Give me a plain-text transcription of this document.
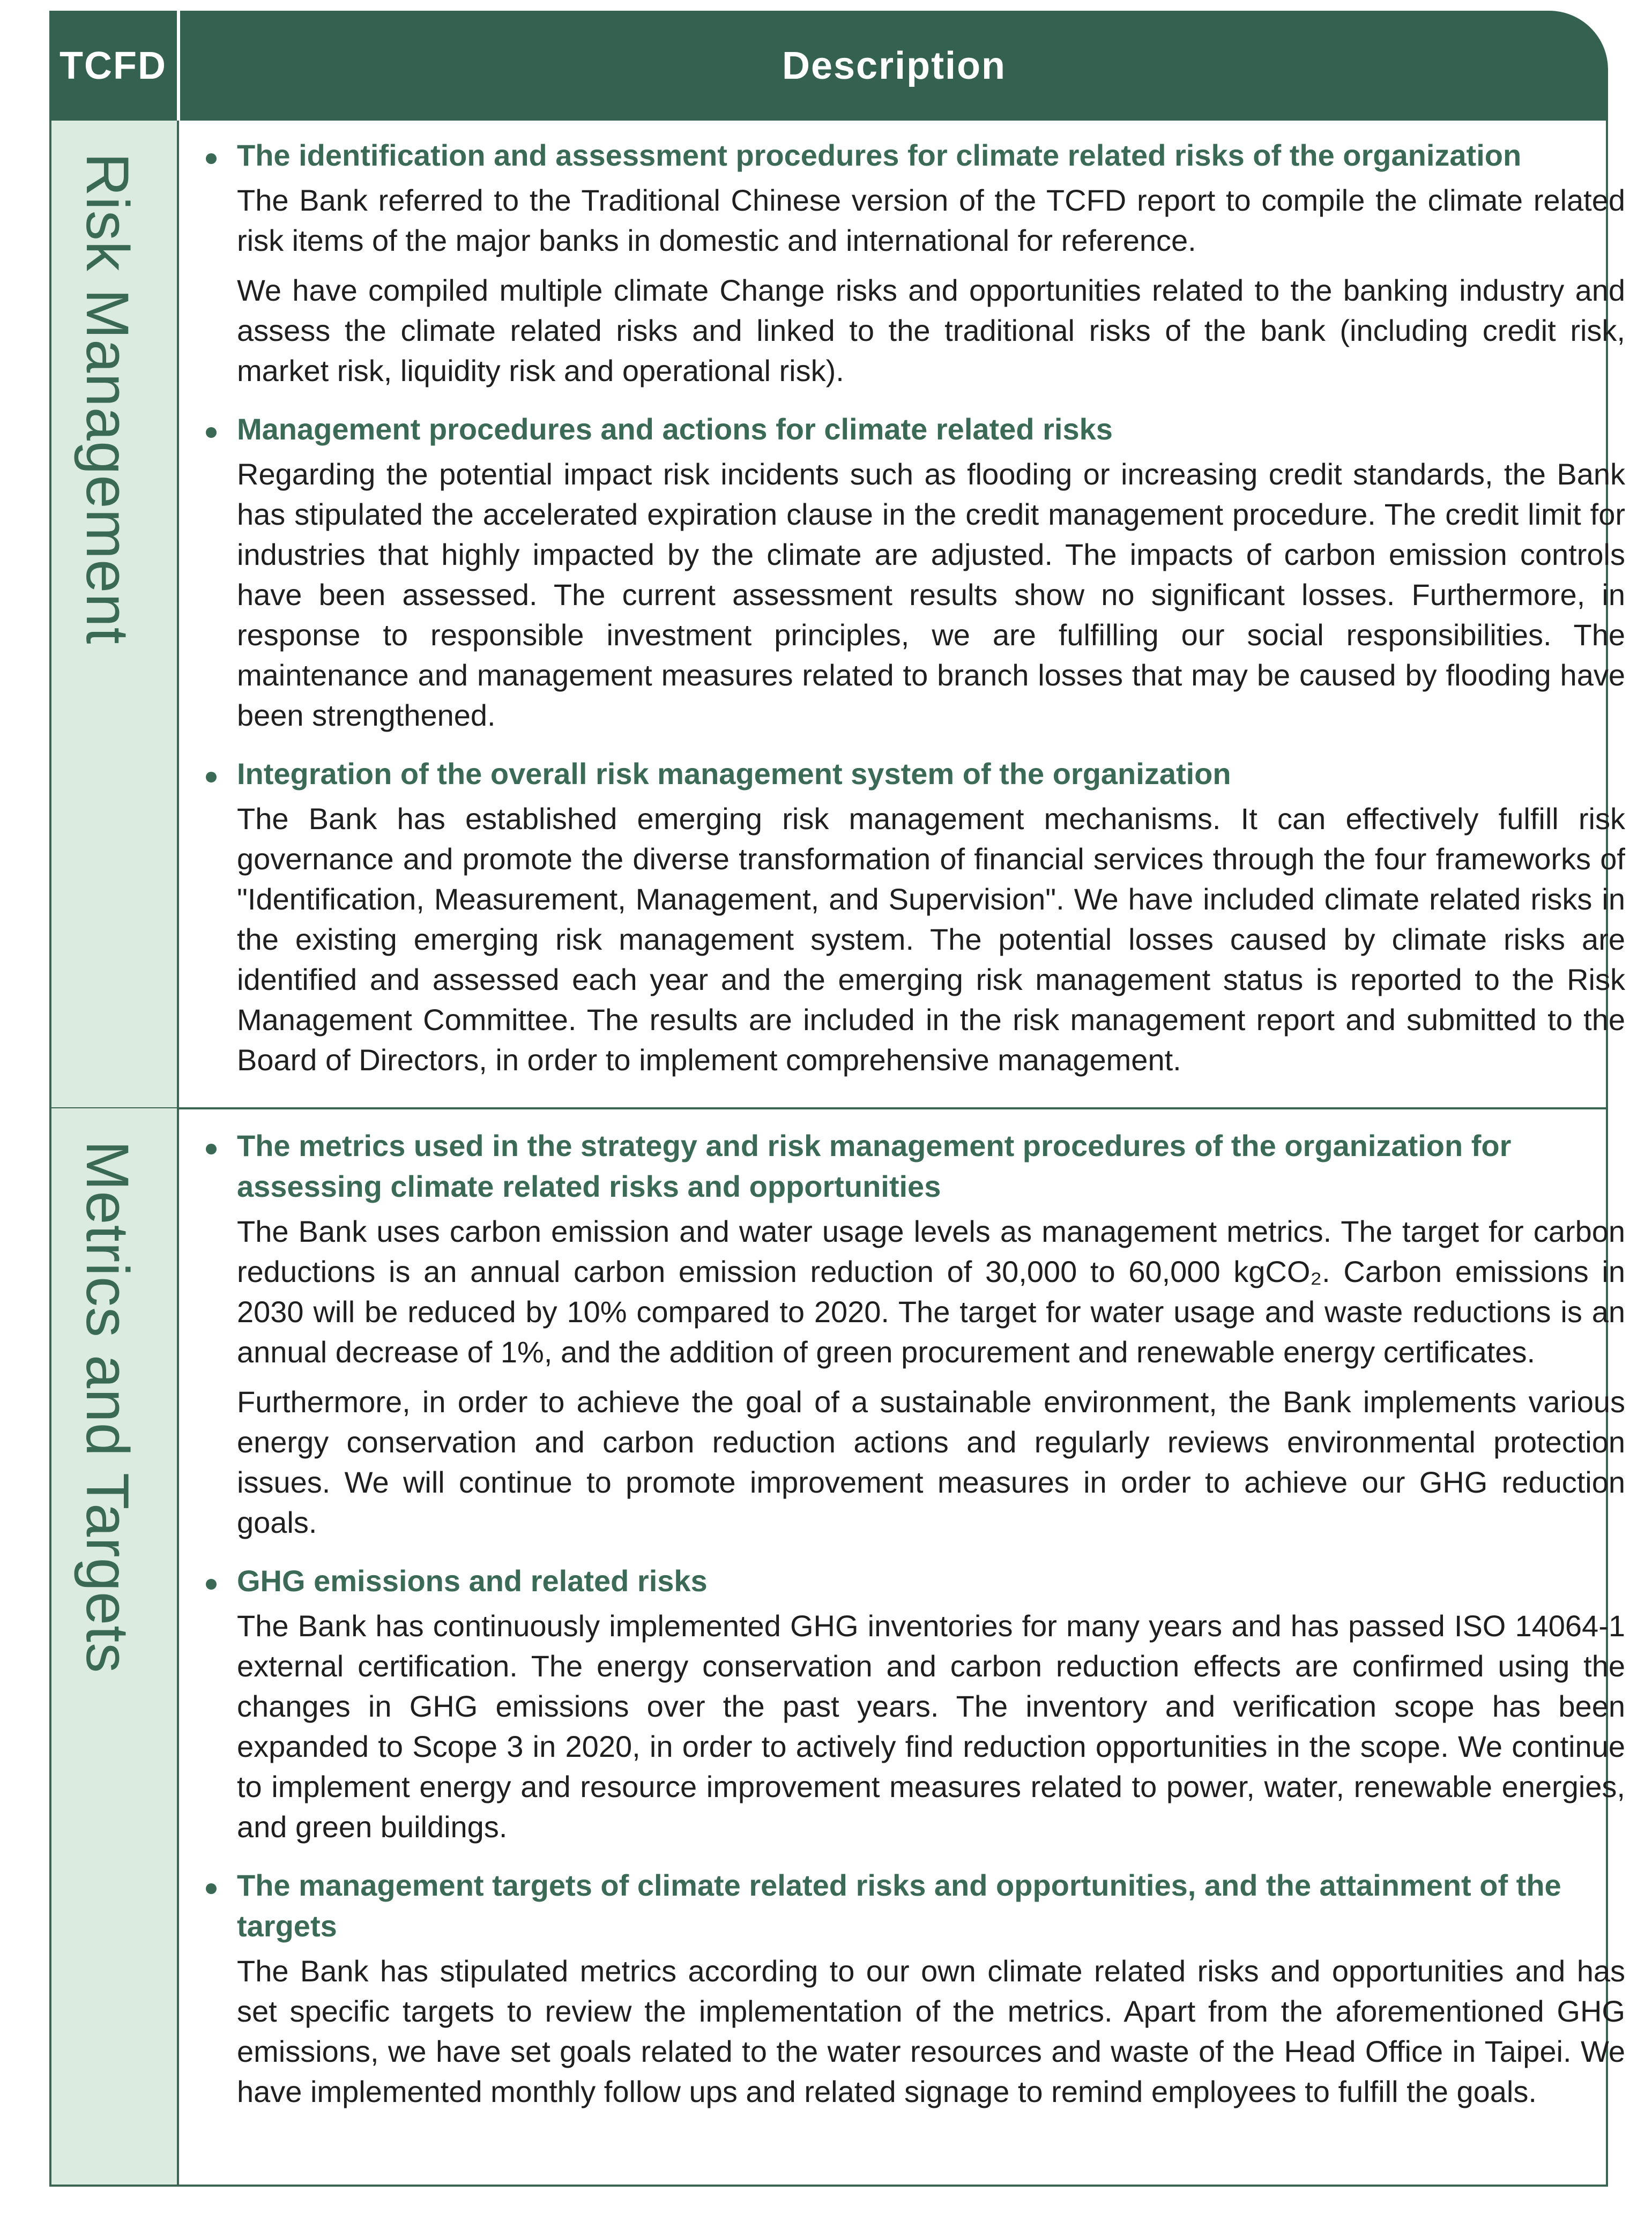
TCFD	Description
Risk Management
Metrics and Targets
The identification and assessment procedures for climate related risks of the organization

The Bank referred to the Traditional Chinese version of the TCFD report to compile the climate related risk items of the major banks in domestic and international for reference.

We have compiled multiple climate Change risks and opportunities related to the banking industry and assess the climate related risks and linked to the traditional risks of the bank (including credit risk, market risk, liquidity risk and operational risk).

Management procedures and actions for climate related risks

Regarding the potential impact risk incidents such as flooding or increasing credit standards, the Bank has stipulated the accelerated expiration clause in the credit management procedure. The credit limit for industries that highly impacted by the climate are adjusted. The impacts of carbon emission controls have been assessed. The current assessment results show no significant losses. Furthermore, in response to responsible investment principles, we are fulfilling our social responsibilities. The maintenance and management measures related to branch losses that may be caused by flooding have been strengthened.

Integration of the overall risk management system of the organization

The Bank has established emerging risk management mechanisms. It can effectively fulfill risk governance and promote the diverse transformation of financial services through the four frameworks of "Identification, Measurement, Management, and Supervision". We have included climate related risks in the existing emerging risk management system. The potential losses caused by climate risks are identified and assessed each year and the emerging risk management status is reported to the Risk Management Committee. The results are included in the risk management report and submitted to the Board of Directors, in order to implement comprehensive management.

The metrics used in the strategy and risk management procedures of the organization for assessing climate related risks and opportunities

The Bank uses carbon emission and water usage levels as management metrics. The target for carbon reductions is an annual carbon emission reduction of 30,000 to 60,000 kgCO₂. Carbon emissions in 2030 will be reduced by 10% compared to 2020. The target for water usage and waste reductions is an annual decrease of 1%, and the addition of green procurement and renewable energy certificates.

Furthermore, in order to achieve the goal of a sustainable environment, the Bank implements various energy conservation and carbon reduction actions and regularly reviews environmental protection issues. We will continue to promote improvement measures in order to achieve our GHG reduction goals.

GHG emissions and related risks

The Bank has continuously implemented GHG inventories for many years and has passed ISO 14064-1 external certification. The energy conservation and carbon reduction effects are confirmed using the changes in GHG emissions over the past years. The inventory and verification scope has been expanded to Scope 3 in 2020, in order to actively find reduction opportunities in the scope. We continue to implement energy and resource improvement measures related to power, water, renewable energies, and green buildings.

The management targets of climate related risks and opportunities, and the attainment of the targets

The Bank has stipulated metrics according to our own climate related risks and opportunities and has set specific targets to review the implementation of the metrics. Apart from the aforementioned GHG emissions, we have set goals related to the water resources and waste of the Head Office in Taipei. We have implemented monthly follow ups and related signage to remind employees to fulfill the goals.
